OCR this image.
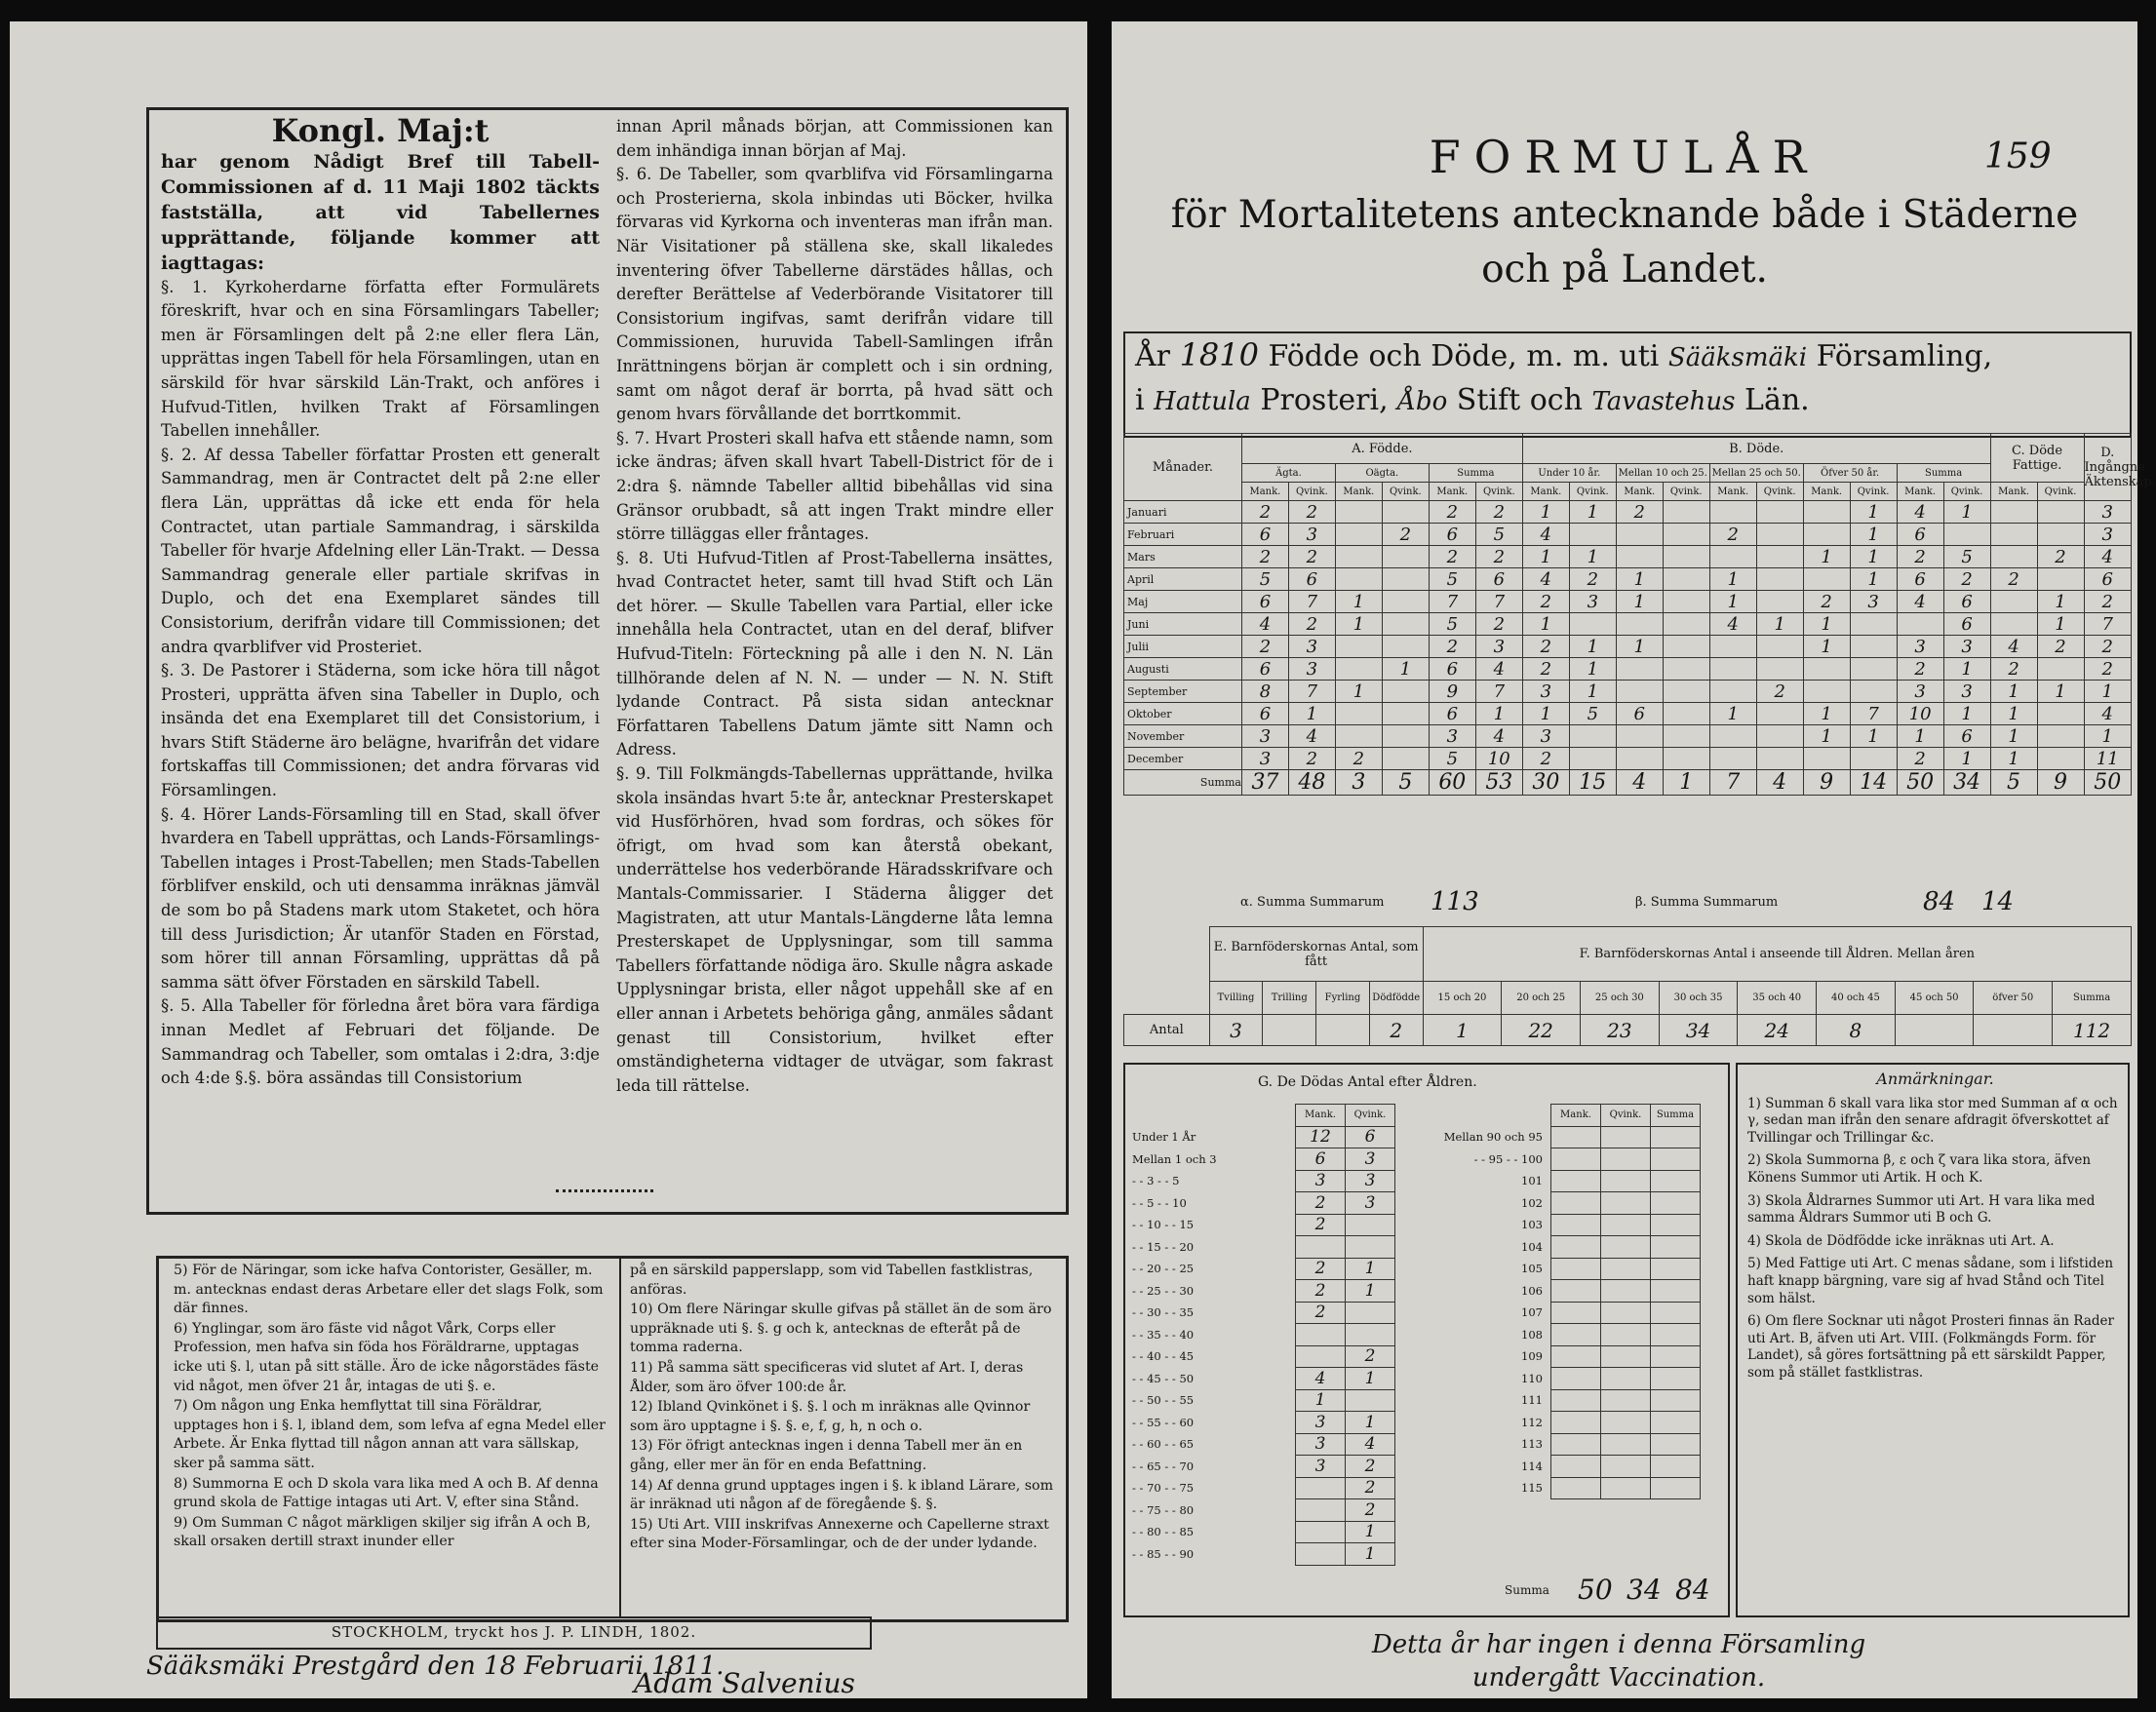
Kongl. Maj:t

har genom Nådigt Bref till Tabell-Commissionen af d. 11 Maji 1802 täckts fastställa, att vid Tabellernes upprättande, följande kommer att iagttagas:

§. 1. Kyrkoherdarne författa efter Formulärets föreskrift, hvar och en sina Församlingars Tabeller; men är Församlingen delt på 2:ne eller flera Län, upprättas ingen Tabell för hela Församlingen, utan en särskild för hvar särskild Län-Trakt, och anföres i Hufvud-Titlen, hvilken Trakt af Församlingen Tabellen innehåller.

§. 2. Af dessa Tabeller författar Prosten ett generalt Sammandrag, men är Contractet delt på 2:ne eller flera Län, upprättas då icke ett enda för hela Contractet, utan partiale Sammandrag, i särskilda Tabeller för hvarje Afdelning eller Län-Trakt. — Dessa Sammandrag generale eller partiale skrifvas in Duplo, och det ena Exemplaret sändes till Consistorium, derifrån vidare till Commissionen; det andra qvarblifver vid Prosteriet.

§. 3. De Pastorer i Städerna, som icke höra till något Prosteri, upprätta äfven sina Tabeller in Duplo, och insända det ena Exemplaret till det Consistorium, i hvars Stift Städerne äro belägne, hvarifrån det vidare fortskaffas till Commissionen; det andra förvaras vid Församlingen.

§. 4. Hörer Lands-Församling till en Stad, skall öfver hvardera en Tabell upprättas, och Lands-Församlings-Tabellen intages i Prost-Tabellen; men Stads-Tabellen förblifver enskild, och uti densamma inräknas jämväl de som bo på Stadens mark utom Staketet, och höra till dess Jurisdiction; Är utanför Staden en Förstad, som hörer till annan Församling, upprättas då på samma sätt öfver Förstaden en särskild Tabell.

§. 5. Alla Tabeller för förledna året böra vara färdiga innan Medlet af Februari det följande. De Sammandrag och Tabeller, som omtalas i 2:dra, 3:dje och 4:de §.§. böra assändas till Consistorium

innan April månads början, att Commissionen kan dem inhändiga innan början af Maj.

§. 6. De Tabeller, som qvarblifva vid Församlingarna och Prosterierna, skola inbindas uti Böcker, hvilka förvaras vid Kyrkorna och inventeras man ifrån man. När Visitationer på ställena ske, skall likaledes inventering öfver Tabellerne därstädes hållas, och derefter Berättelse af Vederbörande Visitatorer till Consistorium ingifvas, samt derifrån vidare till Commissionen, huruvida Tabell-Samlingen ifrån Inrättningens början är complett och i sin ordning, samt om något deraf är borrta, på hvad sätt och genom hvars förvållande det borrtkommit.

§. 7. Hvart Prosteri skall hafva ett stående namn, som icke ändras; äfven skall hvart Tabell-District för de i 2:dra §. nämnde Tabeller alltid bibehållas vid sina Gränsor orubbadt, så att ingen Trakt mindre eller större tilläggas eller fråntages.

§. 8. Uti Hufvud-Titlen af Prost-Tabellerna insättes, hvad Contractet heter, samt till hvad Stift och Län det hörer. — Skulle Tabellen vara Partial, eller icke innehålla hela Contractet, utan en del deraf, blifver Hufvud-Titeln: Förteckning på alle i den N. N. Län tillhörande delen af N. N. — under — N. N. Stift lydande Contract. På sista sidan antecknar Författaren Tabellens Datum jämte sitt Namn och Adress.

§. 9. Till Folkmängds-Tabellernas upprättande, hvilka skola insändas hvart 5:te år, antecknar Presterskapet vid Husförhören, hvad som fordras, och sökes för öfrigt, om hvad som kan återstå obekant, underrättelse hos vederbörande Häradsskrifvare och Mantals-Commissarier. I Städerna åligger det Magistraten, att utur Mantals-Längderne låta lemna Presterskapet de Upplysningar, som till samma Tabellers författande nödiga äro. Skulle några askade Upplysningar brista, eller något uppehåll ske af en eller annan i Arbetets behöriga gång, anmäles sådant genast till Consistorium, hvilket efter omständigheterna vidtager de utvägar, som fakrast leda till rättelse.

5) För de Näringar, som icke hafva Contorister, Gesäller, m. m. antecknas endast deras Arbetare eller det slags Folk, som där finnes.

6) Ynglingar, som äro fäste vid något Vårk, Corps eller Profession, men hafva sin föda hos Föräldrarne, upptagas icke uti §. l, utan på sitt ställe. Äro de icke någorstädes fäste vid något, men öfver 21 år, intagas de uti §. e.

7) Om någon ung Enka hemflyttat till sina Föräldrar, upptages hon i §. l, ibland dem, som lefva af egna Medel eller Arbete. Är Enka flyttad till någon annan att vara sällskap, sker på samma sätt.

8) Summorna E och D skola vara lika med A och B. Af denna grund skola de Fattige intagas uti Art. V, efter sina Stånd.

9) Om Summan C något märkligen skiljer sig ifrån A och B, skall orsaken dertill straxt inunder eller

på en särskild papperslapp, som vid Tabellen fastklistras, anföras.

10) Om flere Näringar skulle gifvas på stället än de som äro uppräknade uti §. §. g och k, antecknas de efteråt på de tomma raderna.

11) På samma sätt specificeras vid slutet af Art. I, deras Ålder, som äro öfver 100:de år.

12) Ibland Qvinkönet i §. §. l och m inräknas alle Qvinnor som äro upptagne i §. §. e, f, g, h, n och o.

13) För öfrigt antecknas ingen i denna Tabell mer än en gång, eller mer än för en enda Befattning.

14) Af denna grund upptages ingen i §. k ibland Lärare, som är inräknad uti någon af de föregående §. §.

15) Uti Art. VIII inskrifvas Annexerne och Capellerne straxt efter sina Moder-Församlingar, och de der under lydande.

STOCKHOLM, tryckt hos J. P. LINDH, 1802.
Sääksmäki Prestgård den 18 Februarii 1811.
Adam Salvenius
FORMULÅR	159
för Mortalitetens antecknande både i Städerne
och på Landet.
År 1810 Födde och Döde, m. m. uti Sääksmäki Församling,
i Hattula Prosteri, Åbo Stift och Tavastehus Län.
Månader.	A. Födde.						B. Döde.										C. Döde Fattige.		D. Ingångne Äktenskap.
	Ägta.		Oägta.		Summa		Under 10 år.		Mellan 10 och 25.		Mellan 25 och 50.		Öfver 50 år.		Summa				
	Mank.	Qvink.	Mank.	Qvink.	Mank.	Qvink.	Mank.	Qvink.	Mank.	Qvink.	Mank.	Qvink.	Mank.	Qvink.	Mank.	Qvink.	Mank.	Qvink.	
Januari	2	2			2	2	1	1	2					1	4	1			3
Februari	6	3		2	6	5	4				2			1	6				3
Mars	2	2			2	2	1	1					1	1	2	5		2	4
April	5	6			5	6	4	2	1		1			1	6	2	2		6
Maj	6	7	1		7	7	2	3	1		1		2	3	4	6		1	2
Juni	4	2	1		5	2	1				4	1	1			6		1	7
Julii	2	3			2	3	2	1	1				1		3	3	4	2	2
Augusti	6	3		1	6	4	2	1							2	1	2		2
September	8	7	1		9	7	3	1				2			3	3	1	1	1
Oktober	6	1			6	1	1	5	6		1		1	7	10	1	1		4
November	3	4			3	4	3						1	1	1	6	1		1
December	3	2	2		5	10	2								2	1	1		11
Summa	37	48	3	5	60	53	30	15	4	1	7	4	9	14	50	34	5	9	50
α. Summa Summarum 113	β. Summa Summarum	84 14
	E. Barnföderskornas Antal, som fått				F. Barnföderskornas Antal i anseende till Åldren. Mellan åren								
	Tvilling	Trilling	Fyrling	Dödfödde	15 och 20	20 och 25	25 och 30	30 och 35	35 och 40	40 och 45	45 och 50	öfver 50	Summa
Antal	3			2	1	22	23	34	24	8			112
G. De Dödas Antal efter Åldren.
	Mank.	Qvink.
Under 1 År	12	6
Mellan 1 och 3	6	3
- - 3 - - 5	3	3
- - 5 - - 10	2	3
- - 10 - - 15	2	
- - 15 - - 20		
- - 20 - - 25	2	1
- - 25 - - 30	2	1
- - 30 - - 35	2	
- - 35 - - 40		
- - 40 - - 45		2
- - 45 - - 50	4	1
- - 50 - - 55	1	
- - 55 - - 60	3	1
- - 60 - - 65	3	4
- - 65 - - 70	3	2
- - 70 - - 75		2
- - 75 - - 80		2
- - 80 - - 85		1
- - 85 - - 90		1
	Mank.	Qvink.	Summa
Mellan 90 och 95			
- - 95 - - 100			
101			
102			
103			
104			
105			
106			
107			
108			
109			
110			
111			
112			
113			
114			
115			
Summa 50 34 84
Anmärkningar.

1) Summan δ skall vara lika stor med Summan af α och γ, sedan man ifrån den senare afdragit öfverskottet af Tvillingar och Trillingar &c.

2) Skola Summorna β, ε och ζ vara lika stora, äfven Könens Summor uti Artik. H och K.

3) Skola Åldrarnes Summor uti Art. H vara lika med samma Åldrars Summor uti B och G.

4) Skola de Dödfödde icke inräknas uti Art. A.

5) Med Fattige uti Art. C menas sådane, som i lifstiden haft knapp bärgning, vare sig af hvad Stånd och Titel som hälst.

6) Om flere Socknar uti något Prosteri finnas än Rader uti Art. B, äfven uti Art. VIII. (Folkmängds Form. för Landet), så göres fortsättning på ett särskildt Papper, som på stället fastklistras.

Detta år har ingen i denna Församling undergått Vaccination.
